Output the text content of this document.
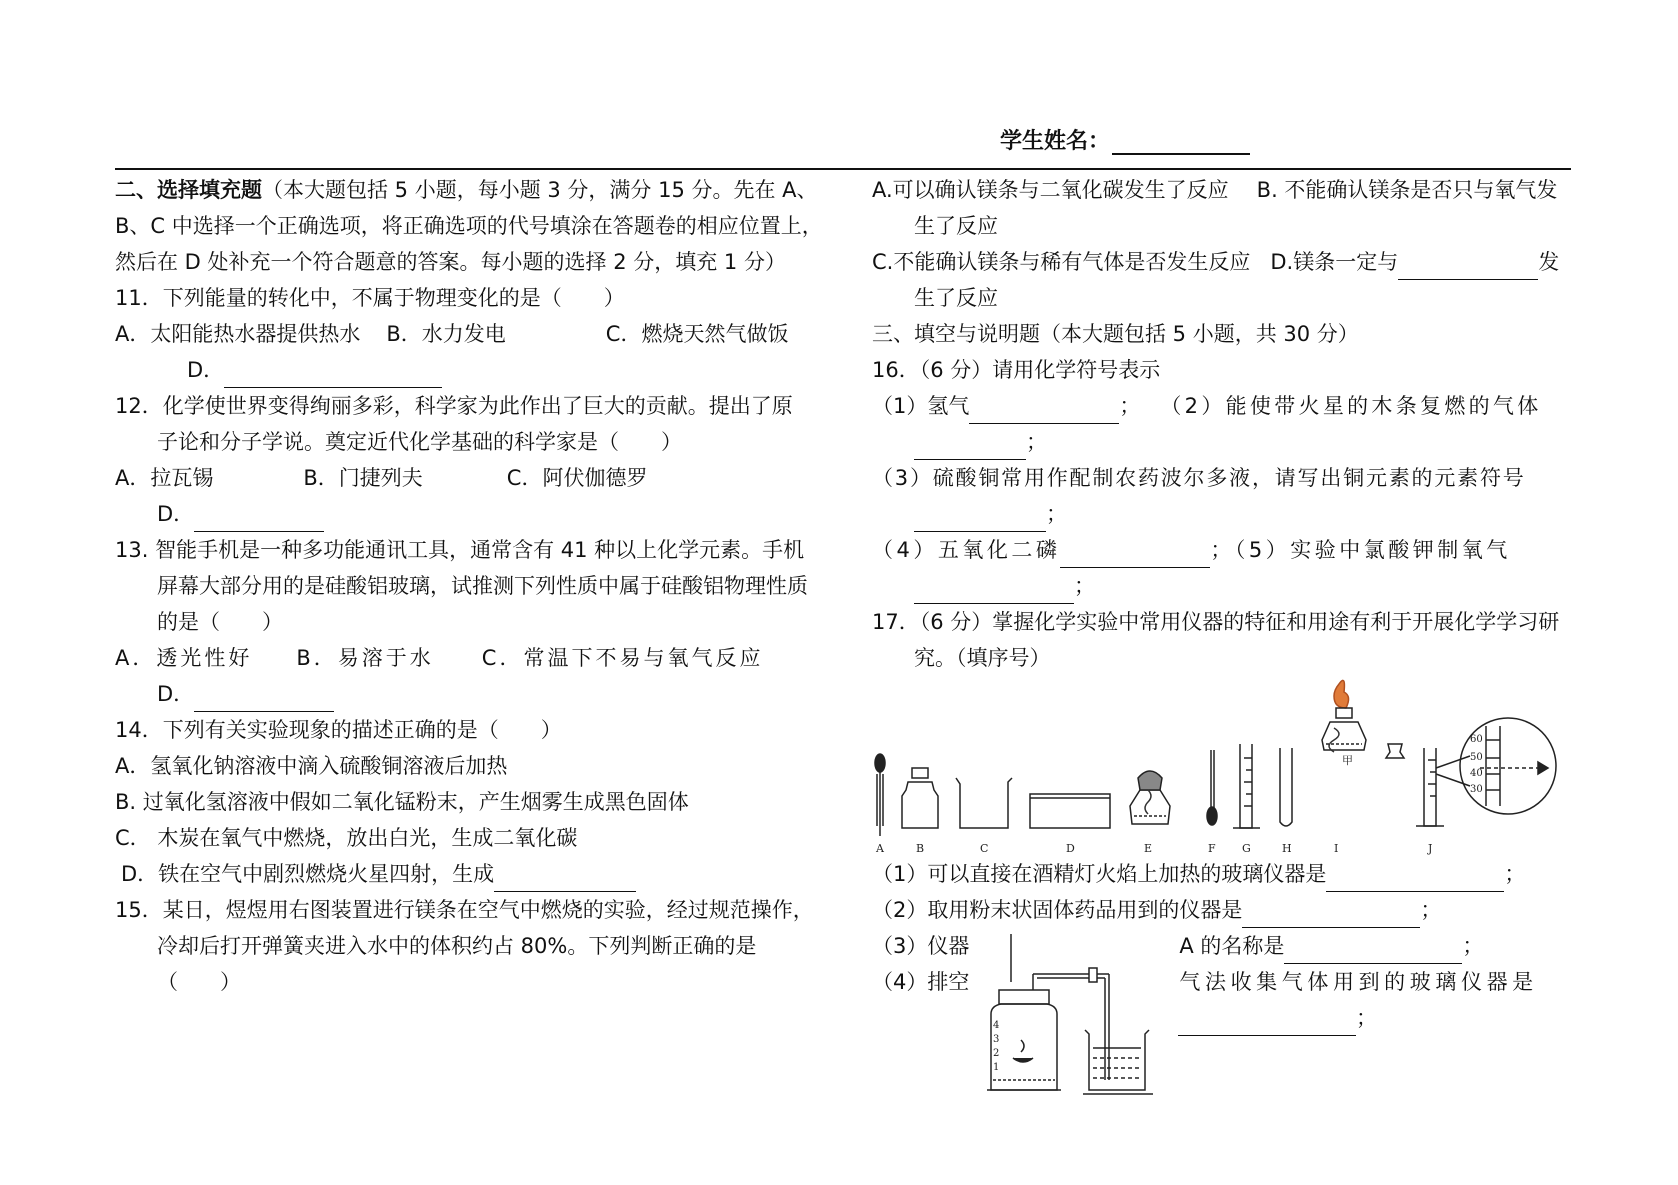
学生姓名：
二、选择填充题（本大题包括 5 小题，每小题 3 分，满分 15 分。先在 A、
B、C 中选择一个正确选项，将正确选项的代号填涂在答题卷的相应位置上，
然后在 D 处补充一个符合题意的答案。每小题的选择 2 分，填充 1 分）
11．下列能量的转化中，不属于物理变化的是（　　）
A．太阳能热水器提供热水 B．水力发电	C．燃烧天然气做饭
D．
12．化学使世界变得绚丽多彩，科学家为此作出了巨大的贡献。提出了原
子论和分子学说。奠定近代化学基础的科学家是（　　）
A．拉瓦锡	B．门捷列夫	C．阿伏伽德罗
D．
13. 智能手机是一种多功能通讯工具，通常含有 41 种以上化学元素。手机
屏幕大部分用的是硅酸铝玻璃，试推测下列性质中属于硅酸铝物理性质
的是（　　）
A．透光性好 B．易溶于水 C．常温下不易与氧气反应
D．
14．下列有关实验现象的描述正确的是（　　）
A．氢氧化钠溶液中滴入硫酸铜溶液后加热
B. 过氧化氢溶液中假如二氧化锰粉末，产生烟雾生成黑色固体
C． 木炭在氧气中燃烧，放出白光，生成二氧化碳
D．铁在空气中剧烈燃烧火星四射，生成
15．某日，煜煜用右图装置进行镁条在空气中燃烧的实验，经过规范操作，
冷却后打开弹簧夹进入水中的体积约占 80%。下列判断正确的是
（　　）
A.可以确认镁条与二氧化碳发生了反应 B. 不能确认镁条是否只与氧气发
生了反应
C.不能确认镁条与稀有气体是否发生反应 D.镁条一定与	发
生了反应
三、填空与说明题（本大题包括 5 小题，共 30 分）
16．（6 分）请用化学符号表示
（1）氢气	； （2）能使带火星的木条复燃的气体
；
（3）硫酸铜常用作配制农药波尔多液，请写出铜元素的元素符号
；
（4）五氧化二磷	；（5）实验中氯酸钾制氧气
；
17．（6 分）掌握化学实验中常用仪器的特征和用途有利于开展化学学习研
究。（填序号）
（1）可以直接在酒精灯火焰上加热的玻璃仪器是	；
（2）取用粉末状固体药品用到的仪器是	；
（3）仪器	A 的名称是	；
（4）排空	气法收集气体用到的玻璃仪器是
；
A	B	C	D	E	F G	H
甲
I	J
60
50
40
30
4
3
2
1
